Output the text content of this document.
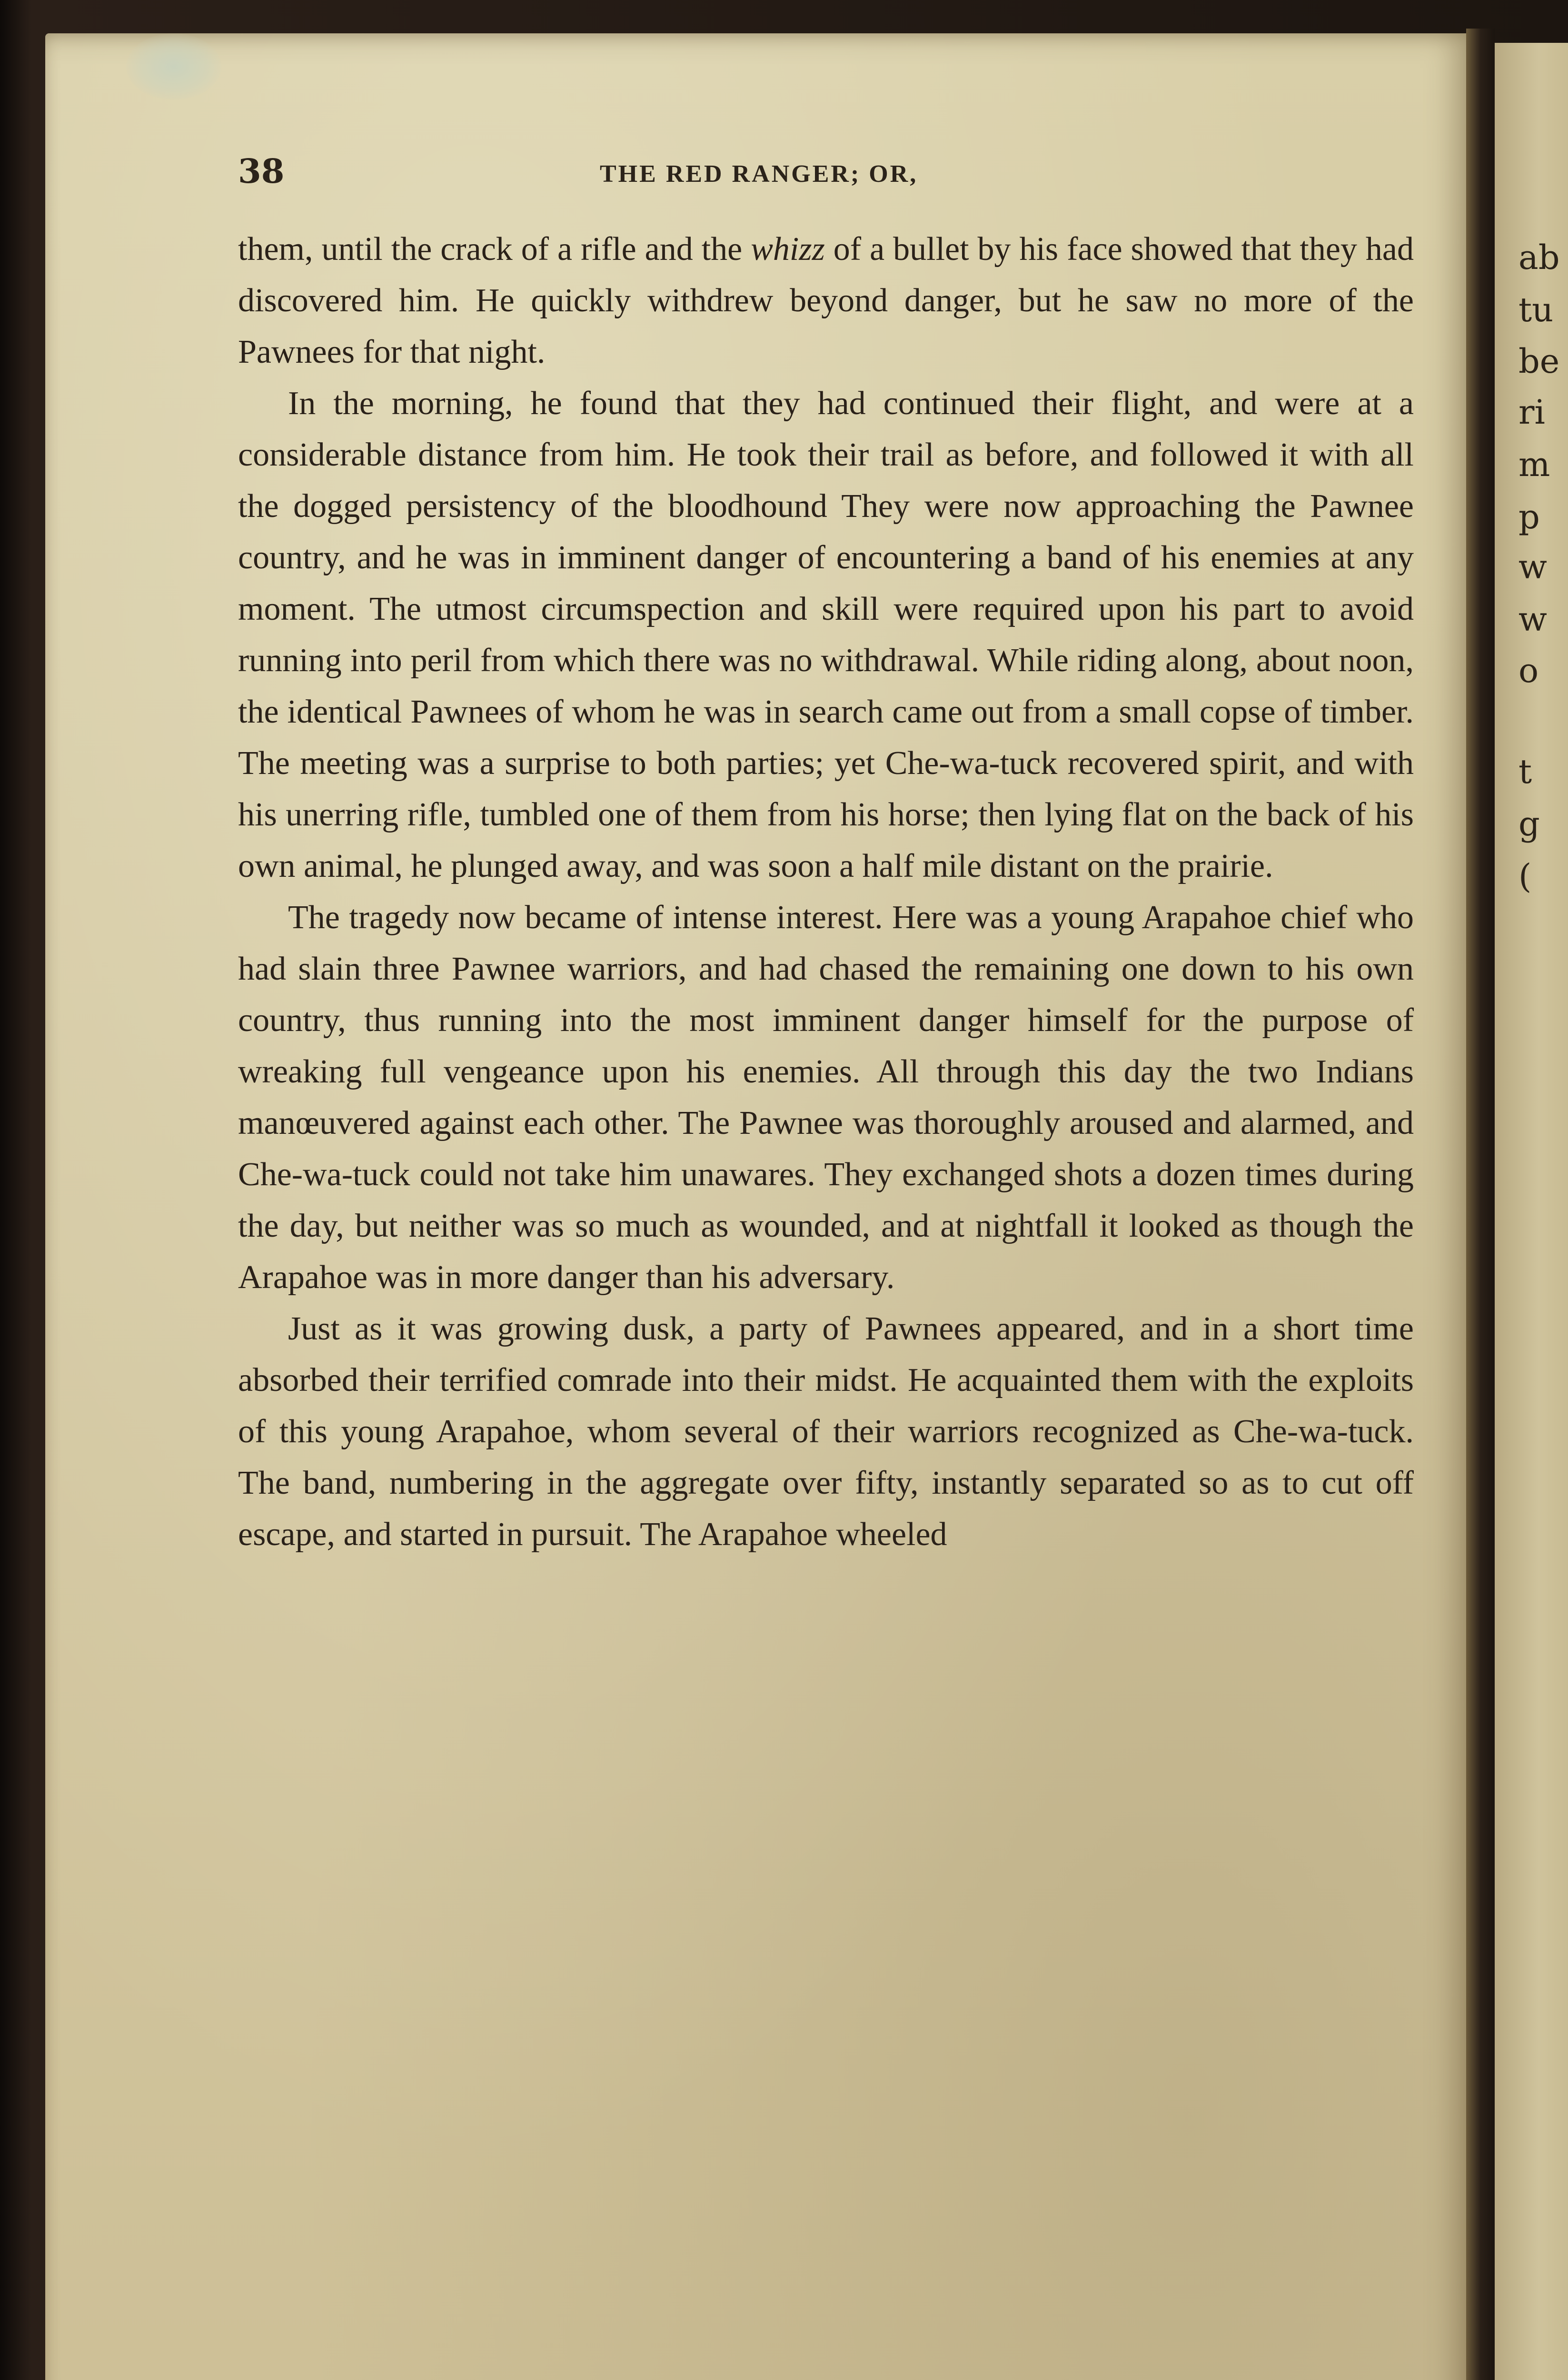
ab
tu
be
ri
m
p
w
w
o
t
g
(
38	THE RED RANGER; OR,

them, until the crack of a rifle and the whizz of a bullet by his face showed that they had discovered him. He quickly withdrew beyond danger, but he saw no more of the Pawnees for that night.

In the morning, he found that they had continued their flight, and were at a considerable distance from him. He took their trail as before, and followed it with all the dogged persistency of the bloodhound They were now approaching the Pawnee country, and he was in imminent danger of encountering a band of his enemies at any moment. The utmost circumspection and skill were required upon his part to avoid running into peril from which there was no withdrawal. While riding along, about noon, the identical Pawnees of whom he was in search came out from a small copse of timber. The meeting was a surprise to both parties; yet Che-wa-tuck recovered spirit, and with his unerring rifle, tumbled one of them from his horse; then lying flat on the back of his own animal, he plunged away, and was soon a half mile distant on the prairie.

The tragedy now became of intense interest. Here was a young Arapahoe chief who had slain three Pawnee warriors, and had chased the remaining one down to his own country, thus running into the most imminent danger himself for the purpose of wreaking full vengeance upon his enemies. All through this day the two Indians manœuvered against each other. The Pawnee was thoroughly aroused and alarmed, and Che-wa-tuck could not take him unawares. They exchanged shots a dozen times during the day, but neither was so much as wounded, and at nightfall it looked as though the Arapahoe was in more danger than his adversary.

Just as it was growing dusk, a party of Pawnees appeared, and in a short time absorbed their terrified comrade into their midst. He acquainted them with the exploits of this young Arapahoe, whom several of their warriors recognized as Che-wa-tuck. The band, numbering in the aggregate over fifty, instantly separated so as to cut off escape, and started in pursuit. The Arapahoe wheeled
